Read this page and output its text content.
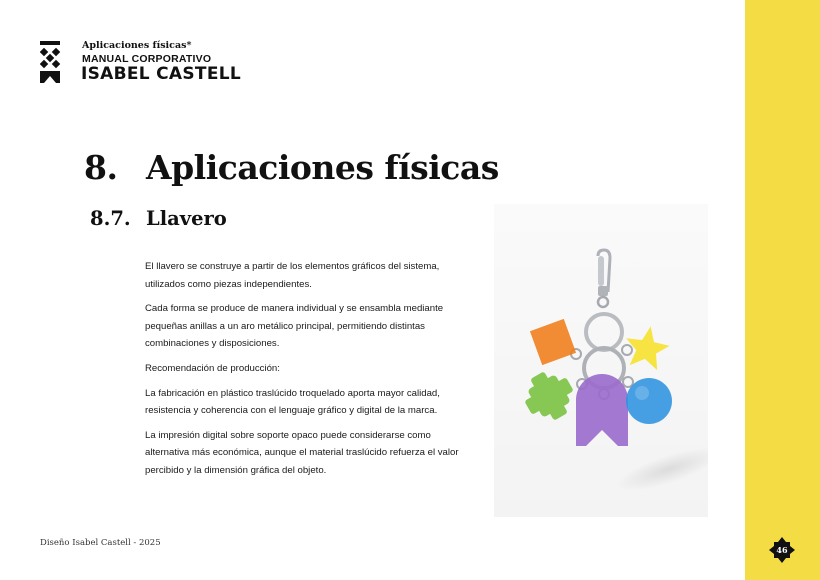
Aplicaciones físicas*
MANUAL CORPORATIVO
ISABEL CASTELL
8. Aplicaciones físicas
8.7. Llavero

El llavero se construye a partir de los elementos gráficos del sistema, utilizados como piezas independientes.

Cada forma se produce de manera individual y se ensambla mediante pequeñas anillas a un aro metálico principal, permitiendo distintas combinaciones y disposiciones.

Recomendación de producción:

La fabricación en plástico traslúcido troquelado aporta mayor calidad, resistencia y coherencia con el lenguaje gráfico y digital de la marca.

La impresión digital sobre soporte opaco puede considerarse como alternativa más económica, aunque el material traslúcido refuerza el valor percibido y la dimensión gráfica del objeto.

Diseño Isabel Castell - 2025
46
